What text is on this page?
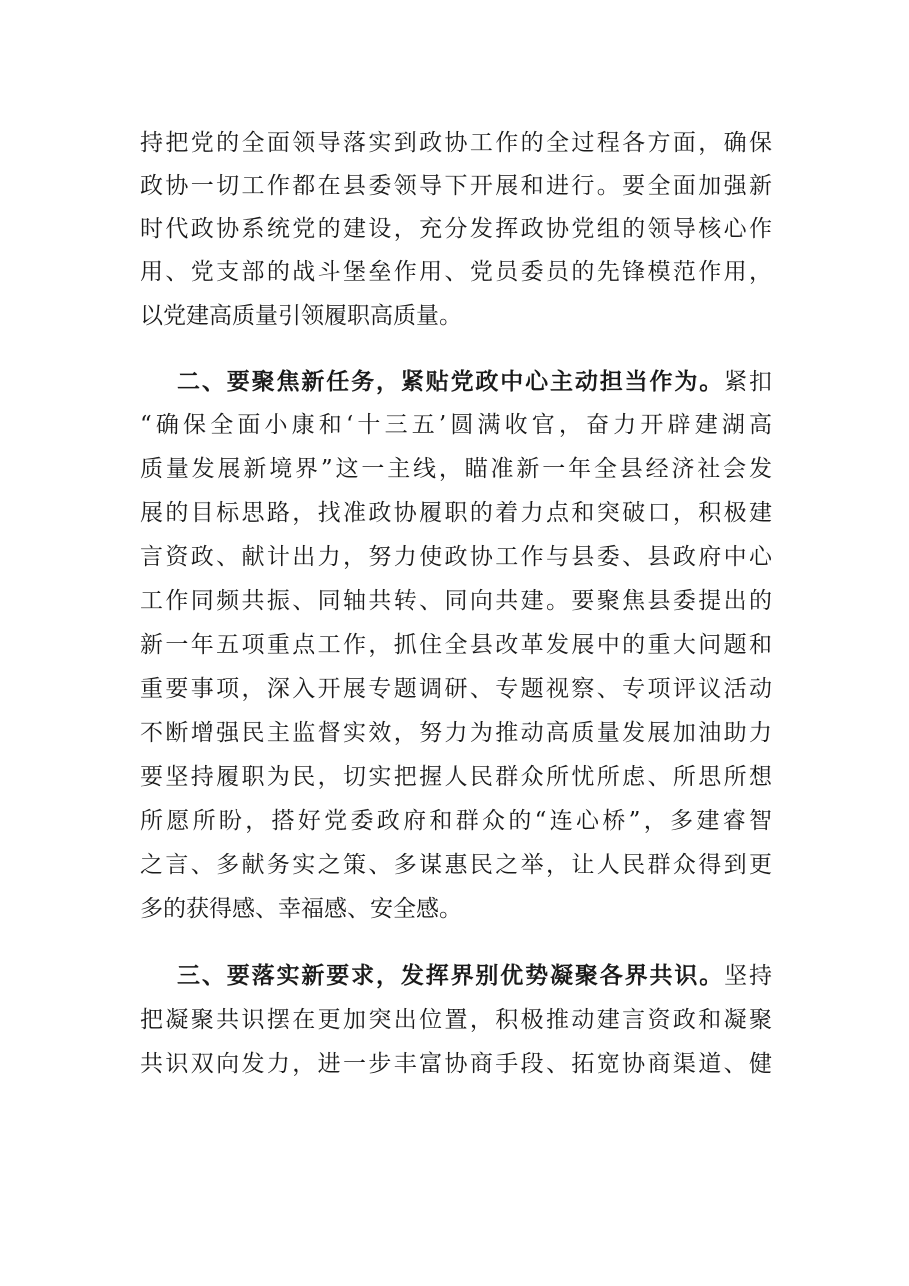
持把党的全面领导落实到政协工作的全过程各方面，确保
政协一切工作都在县委领导下开展和进行。要全面加强新
时代政协系统党的建设，充分发挥政协党组的领导核心作
用、党支部的战斗堡垒作用、党员委员的先锋模范作用，
以党建高质量引领履职高质量。
二、要聚焦新任务，紧贴党政中心主动担当作为。紧扣
“确保全面小康和‘十三五’圆满收官，奋力开辟建湖高
质量发展新境界”这一主线，瞄准新一年全县经济社会发
展的目标思路，找准政协履职的着力点和突破口，积极建
言资政、献计出力，努力使政协工作与县委、县政府中心
工作同频共振、同轴共转、同向共建。要聚焦县委提出的
新一年五项重点工作，抓住全县改革发展中的重大问题和
重要事项，深入开展专题调研、专题视察、专项评议活动
不断增强民主监督实效，努力为推动高质量发展加油助力
要坚持履职为民，切实把握人民群众所忧所虑、所思所想
所愿所盼，搭好党委政府和群众的“连心桥”，多建睿智
之言、多献务实之策、多谋惠民之举，让人民群众得到更
多的获得感、幸福感、安全感。
三、要落实新要求，发挥界别优势凝聚各界共识。坚持
把凝聚共识摆在更加突出位置，积极推动建言资政和凝聚
共识双向发力，进一步丰富协商手段、拓宽协商渠道、健
